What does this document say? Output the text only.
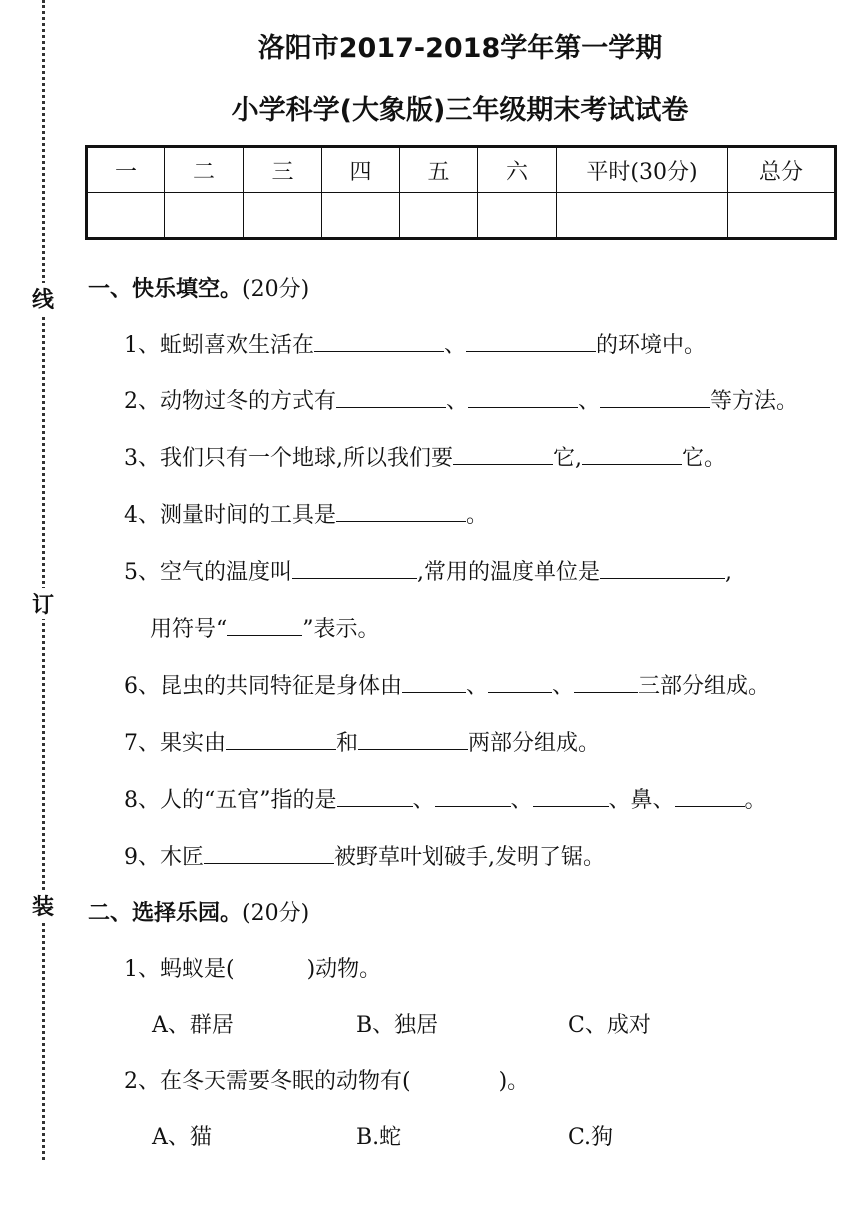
线
订
装
洛阳市2017-2018学年第一学期
小学科学(大象版)三年级期末考试试卷
一	二	三	四	五	六	平时(30分)	总分

一、快乐填空。(20分)
1、蚯蚓喜欢生活在	、	的环境中。
2、动物过冬的方式有	、	、	等方法。
3、我们只有一个地球,所以我们要	它,	它。
4、测量时间的工具是	。
5、空气的温度叫	,常用的温度单位是	,
用符号“	”表示。
6、昆虫的共同特征是身体由	、	、	三部分组成。
7、果实由	和	两部分组成。
8、人的“五官”指的是	、	、	、鼻、	。
9、木匠	被野草叶划破手,发明了锯。
二、选择乐园。(20分)
1、蚂蚁是(	)动物。
A、群居	B、独居	C、成对
2、在冬天需要冬眠的动物有(	)。
A、猫	B.蛇	C.狗
